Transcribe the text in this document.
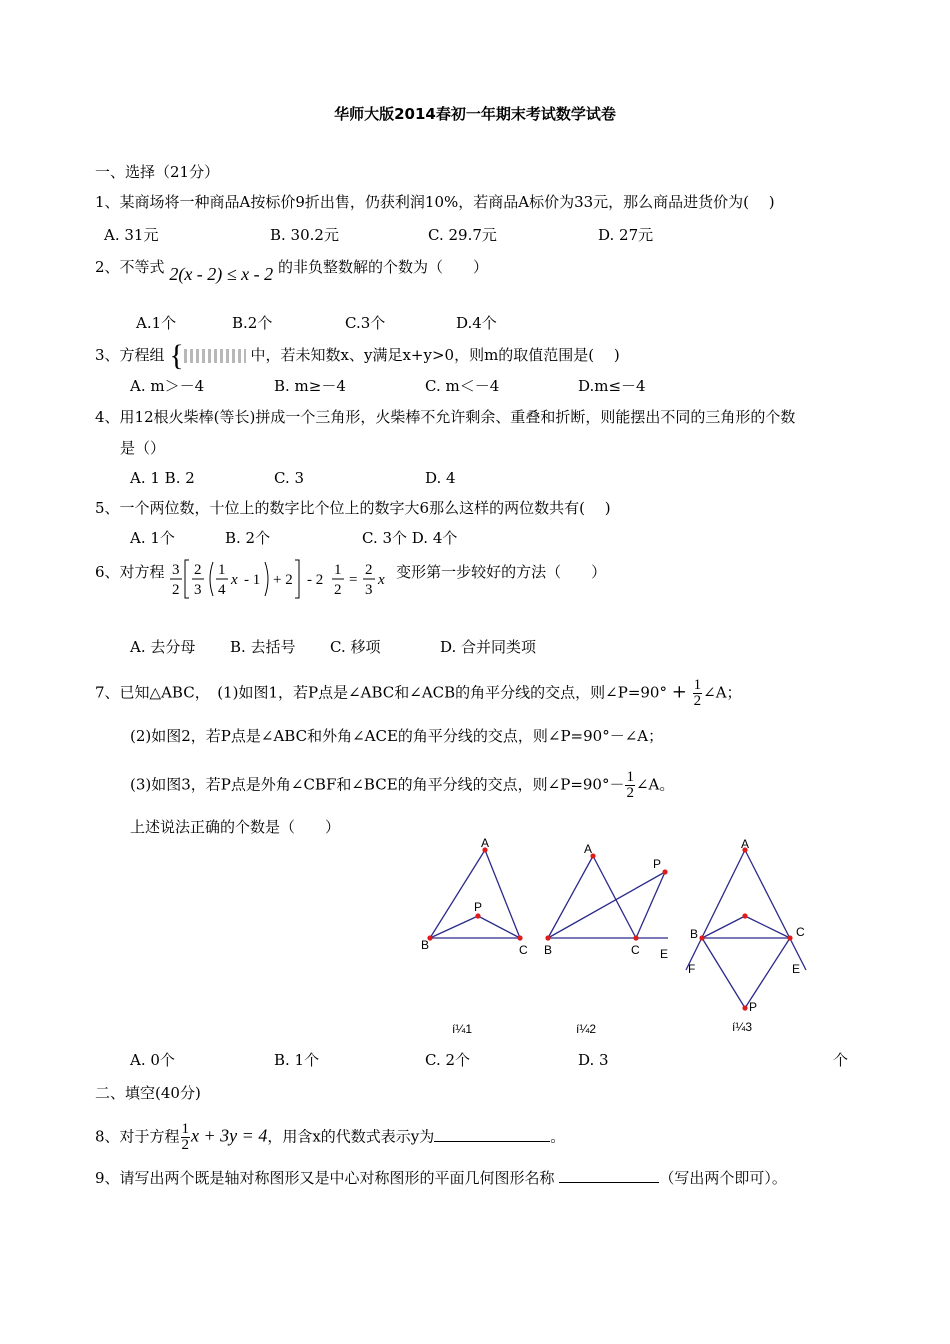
华师大版2014春初一年期末考试数学试卷
一、选择（21分）
1、某商场将一种商品A按标价9折出售，仍获利润10%，若商品A标价为33元，那么商品进货价为(　 )
A. 31元	B. 30.2元	C. 29.7元	D. 27元
2、不等式 2(x - 2) ≤ x - 2 的非负整数解的个数为（　　）
A.1个	B.2个	C.3个	D.4个
3、方程组 {	中，若未知数x、y满足x+y>0，则m的取值范围是(　 )
A. m＞－4	B. m≥－4	C. m＜－4	D.m≤－4
4、用12根火柴棒(等长)拼成一个三角形，火柴棒不允许剩余、重叠和折断，则能摆出不同的三角形的个数
是（）
A. 1 B. 2	C. 3	D. 4
5、一个两位数，十位上的数字比个位上的数字大6那么这样的两位数共有(　 )
A. 1个	B. 2个	C. 3个 D. 4个
6、对方程 3
2
2
3
1
4
x - 1 + 2 - 2
1
2
=
2
3
x 变形第一步较好的方法（　　）
A. 去分母 B. 去括号 C. 移项	D. 合并同类项
7、已知△ABC，　(1)如图1，若P点是∠ABC和∠ACB的角平分线的交点，则∠P=90° + $\frac{1}{2}$ ∠A；
(2)如图2，若P点是∠ABC和外角∠ACE的角平分线的交点，则∠P=90°－∠A；
(3)如图3，若P点是外角∠CBF和∠BCE的角平分线的交点，则∠P=90°－ $\frac{1}{2}$ ∠A。
上述说法正确的个数是（　　）
A
B	C
P
A
B	C
P
E
A
B	C
F	E
P
í¼1	í¼2	í¼3
A. 0个	B. 1个	C. 2个	D. 3	个
二、填空(40分)
8、对于方程 $\frac{1}{2}$ x + 3y = 4，用含x的代数式表示y为	。
9、请写出两个既是轴对称图形又是中心对称图形的平面几何图形名称	（写出两个即可）。
